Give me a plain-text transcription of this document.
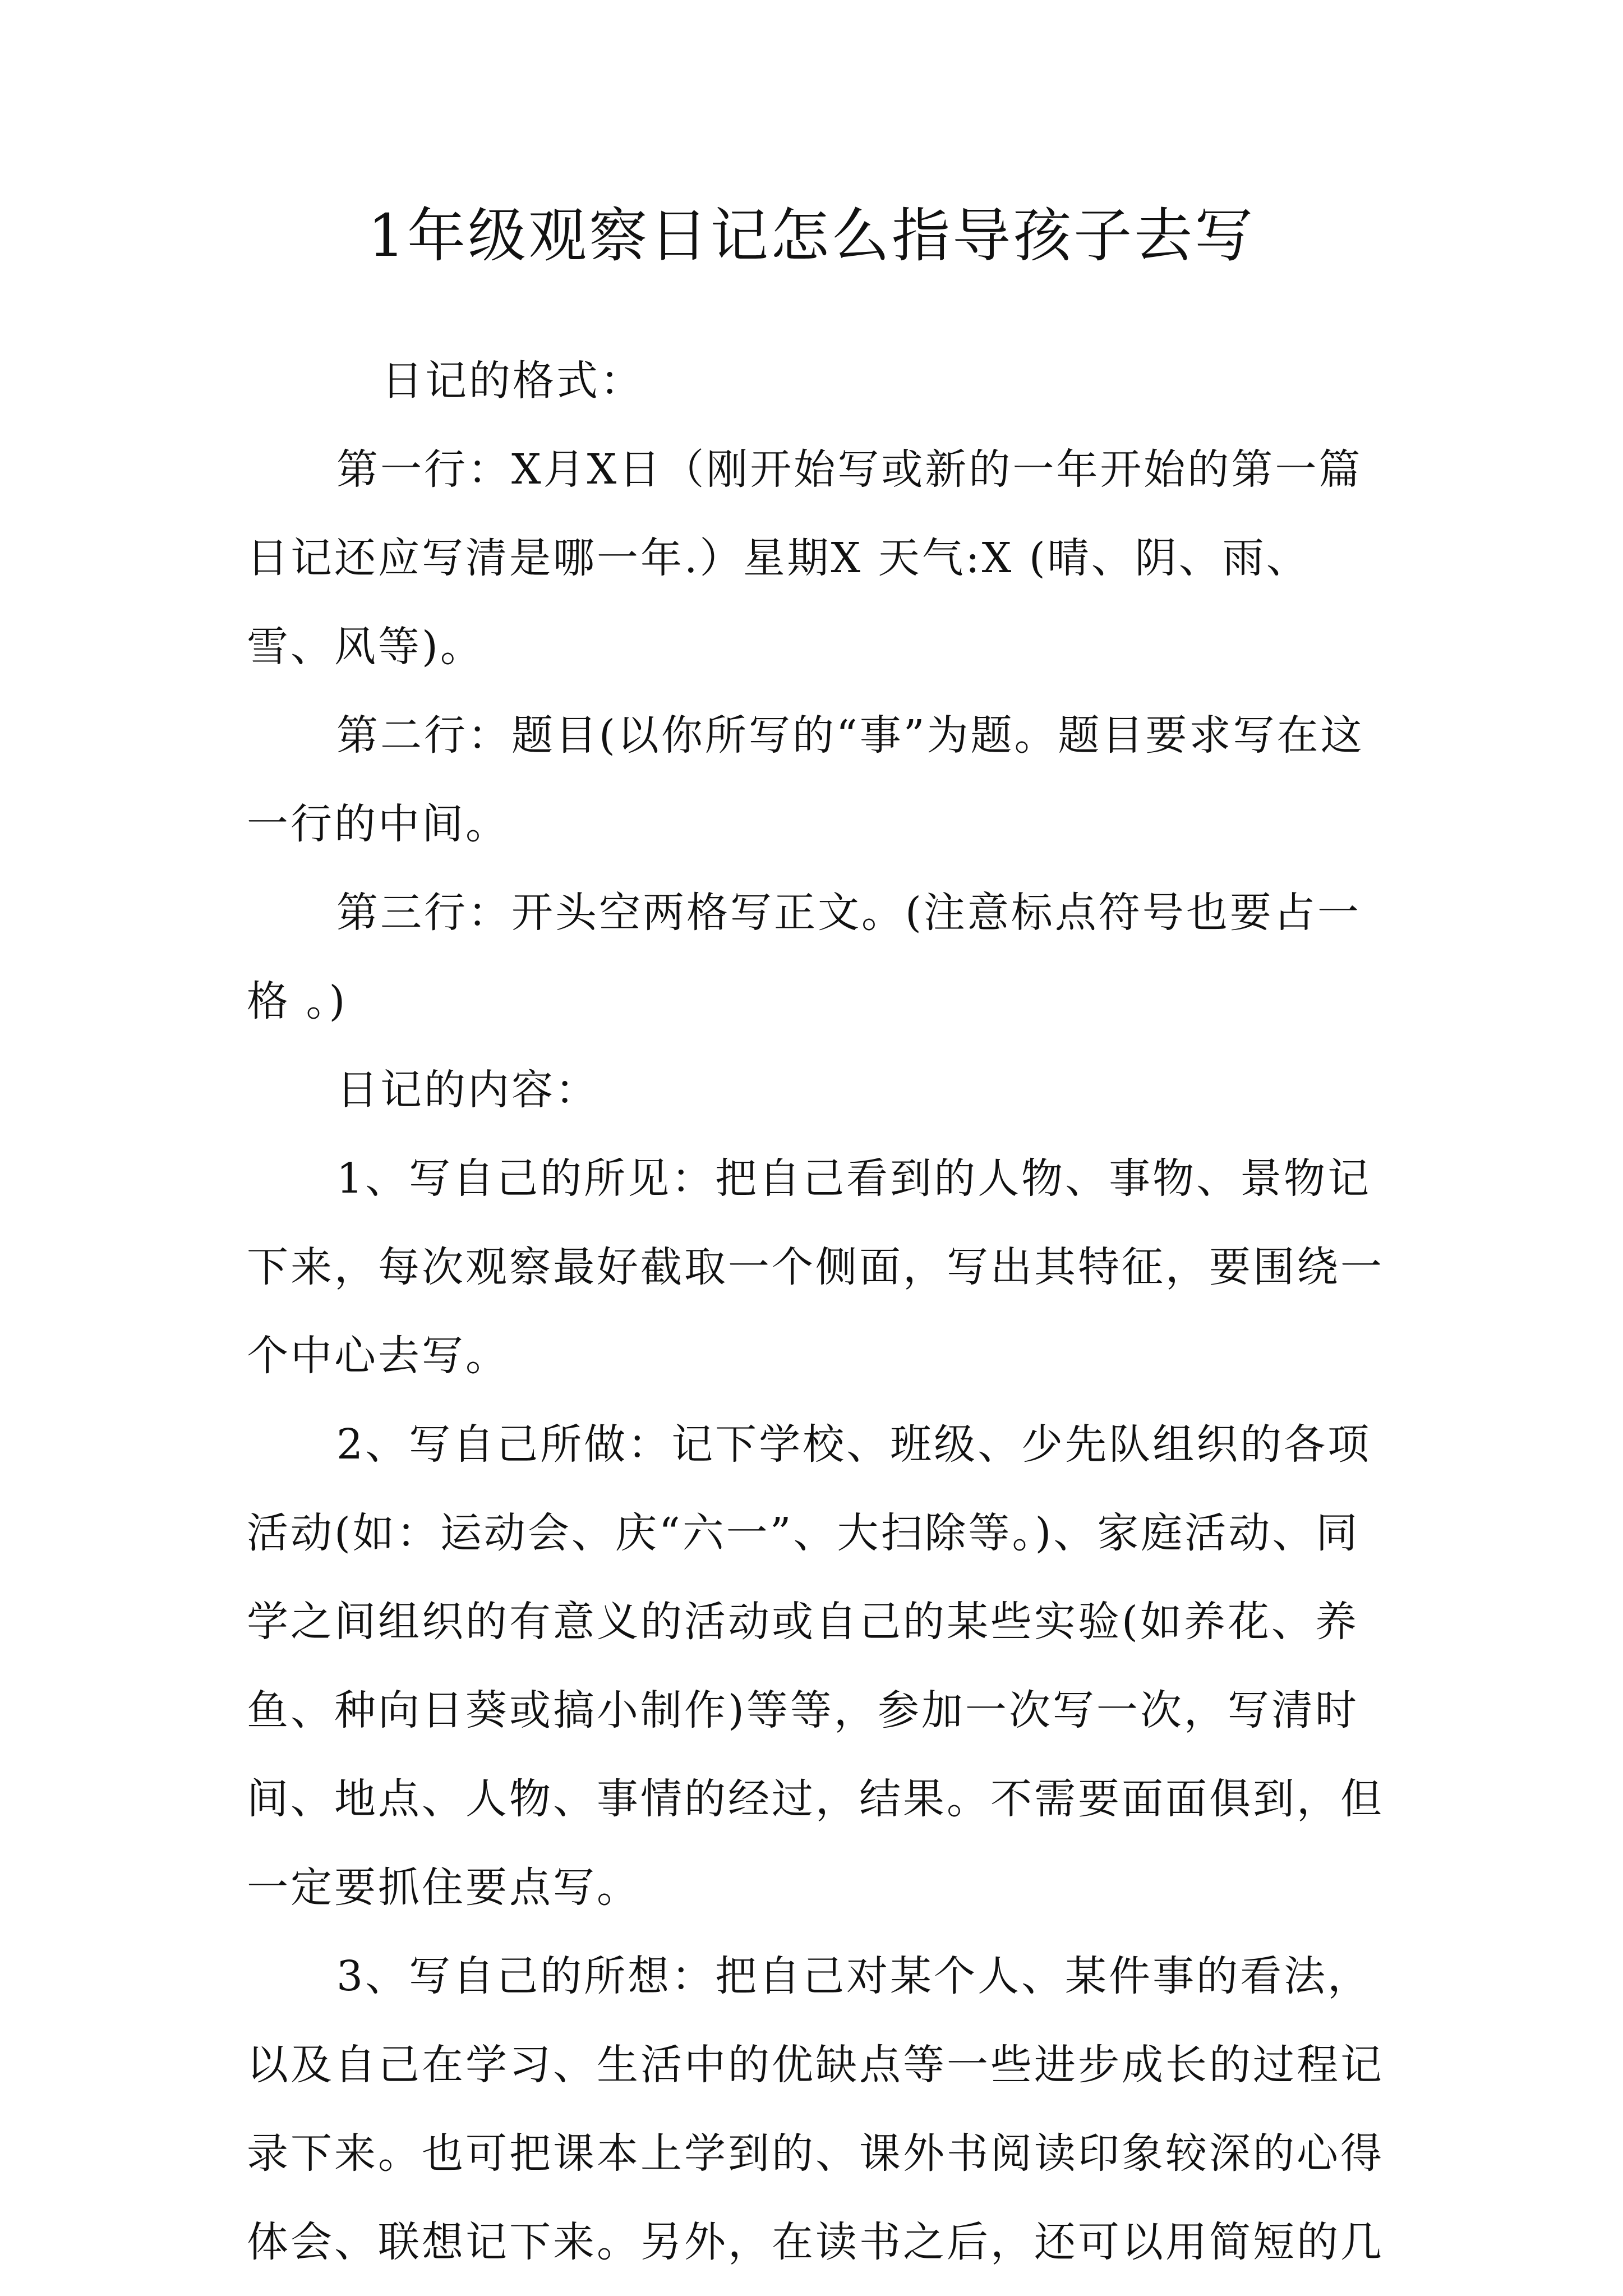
1年级观察日记怎么指导孩子去写

日记的格式：

第一行：X月X日（刚开始写或新的一年开始的第一篇日记还应写清是哪一年.）星期X 天气:X (晴、阴、雨、雪、风等)。

第二行：题目(以你所写的“事”为题。题目要求写在这一行的中间。

第三行：开头空两格写正文。(注意标点符号也要占一格 。)

日记的内容：

1、写自己的所见：把自己看到的人物、事物、景物记下来，每次观察最好截取一个侧面，写出其特征，要围绕一个中心去写。

2、写自己所做：记下学校、班级、少先队组织的各项活动(如：运动会、庆“六一”、大扫除等。)、家庭活动、同学之间组织的有意义的活动或自己的某些实验(如养花、养鱼、种向日葵或搞小制作)等等，参加一次写一次，写清时间、地点、人物、事情的经过，结果。不需要面面俱到，但一定要抓住要点写。

3、写自己的所想：把自己对某个人、某件事的看法，以及自己在学习、生活中的优缺点等一些进步成长的过程记录下来。也可把课本上学到的、课外书阅读印象较深的心得体会、联想记下来。另外，在读书之后，还可以用简短的几
